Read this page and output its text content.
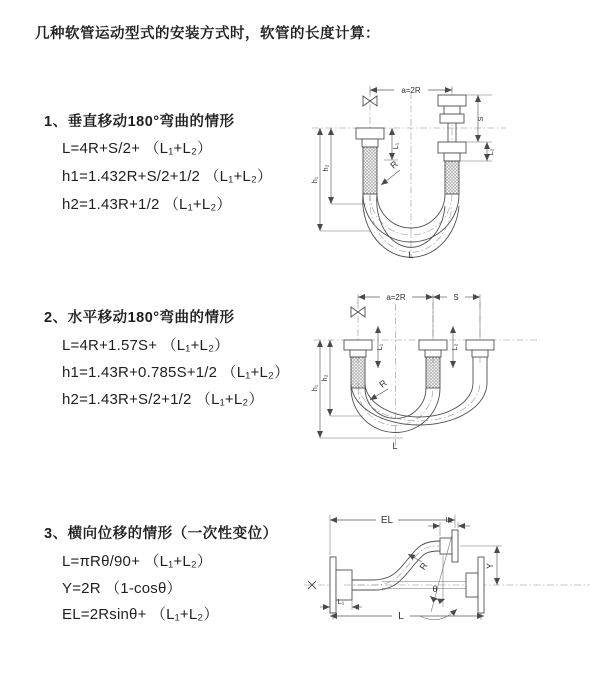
几种软管运动型式的安装方式时，软管的长度计算：
1、垂直移动180°弯曲的情形
L=4R+S/2+ （L₁+L₂）
h1=1.432R+S/2+1/2 （L₁+L₂）
h2=1.43R+1/2 （L₁+L₂）
2、水平移动180°弯曲的情形
L=4R+1.57S+ （L₁+L₂）
h1=1.43R+0.785S+1/2 （L₁+L₂）
h2=1.43R+S/2+1/2 （L₁+L₂）
3、横向位移的情形（一次性变位）
L=πRθ/90+ （L₁+L₂）
Y=2R （1-cosθ）
EL=2Rsinθ+ （L₁+L₂）
a=2R
h₁
h₂
L₁
S
L₂
R
L
a=2R	S
h₁
h₂
L₁	L₂
R
L
EL	L₂
Y
R
θ
L
L₁
